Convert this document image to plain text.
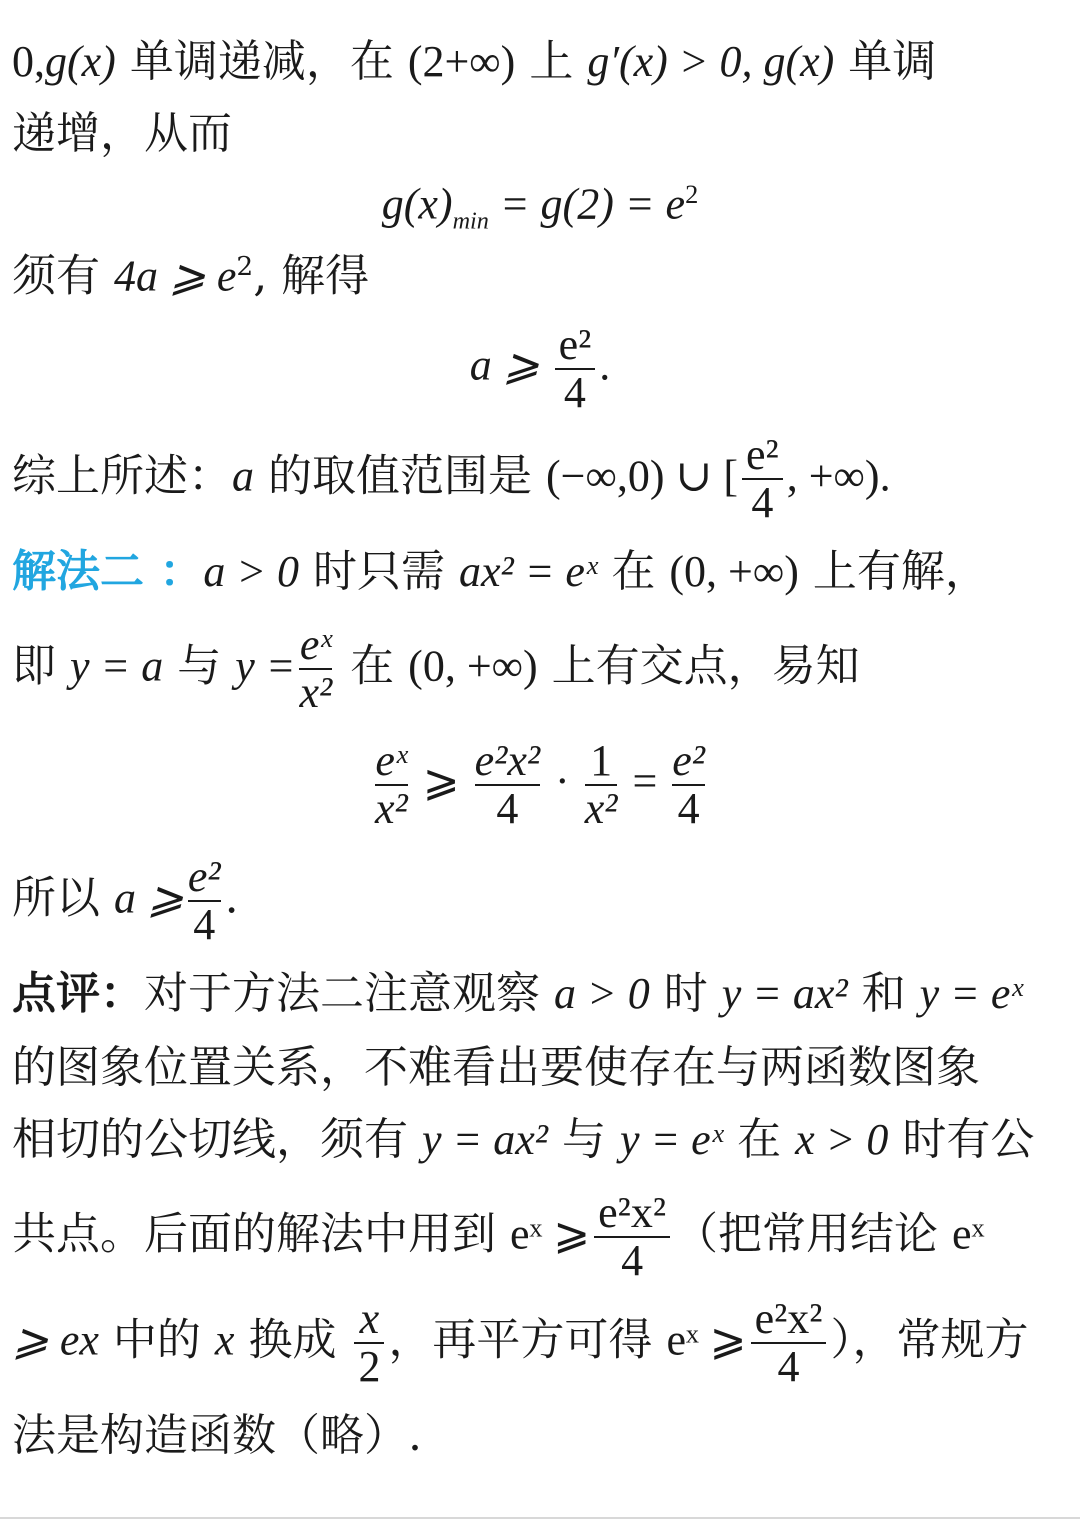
0,g(x) 单调递减，在 (2+∞) 上 g′(x) > 0, g(x) 单调
递增，从而
$g(x)_{min} = g(2) = e^2$
须有 4a ⩾ $e^2$, 解得
a ⩾ $\frac{\text{e²}}{4}$ .
综上所述：a 的取值范围是 (−∞,0) ∪ [ $\frac{\text{e²}}{4}$ , +∞).
解法二 ：a > 0 时只需 ax² = eˣ 在 (0, +∞) 上有解，
即 y = a 与 $y = \frac{\text{eˣ}}{\text{x²}}$ 在 (0, +∞) 上有交点，易知
$\frac{\text{eˣ}}{\text{x²}}$ ⩾ $\frac{\text{e²x²}}{4} \cdot \frac{1}{\text{x²}} = \frac{\text{e²}}{4}$
所以 a ⩾ $\frac{\text{e²}}{4}$ .
点评：对于方法二注意观察 a > 0 时 y = ax² 和 y = eˣ
的图象位置关系，不难看出要使存在与两函数图象
相切的公切线，须有 y = ax² 与 y = eˣ 在 x > 0 时有公
共点。后面的解法中用到 eˣ ⩾ $\frac{\text{e²x²}}{4}$ （把常用结论 eˣ
⩾ ex 中的 x 换成 $\frac{x}{2}$ ，再平方可得 eˣ ⩾ $\frac{\text{e²x²}}{4}$ ），常规方
法是构造函数（略）.
